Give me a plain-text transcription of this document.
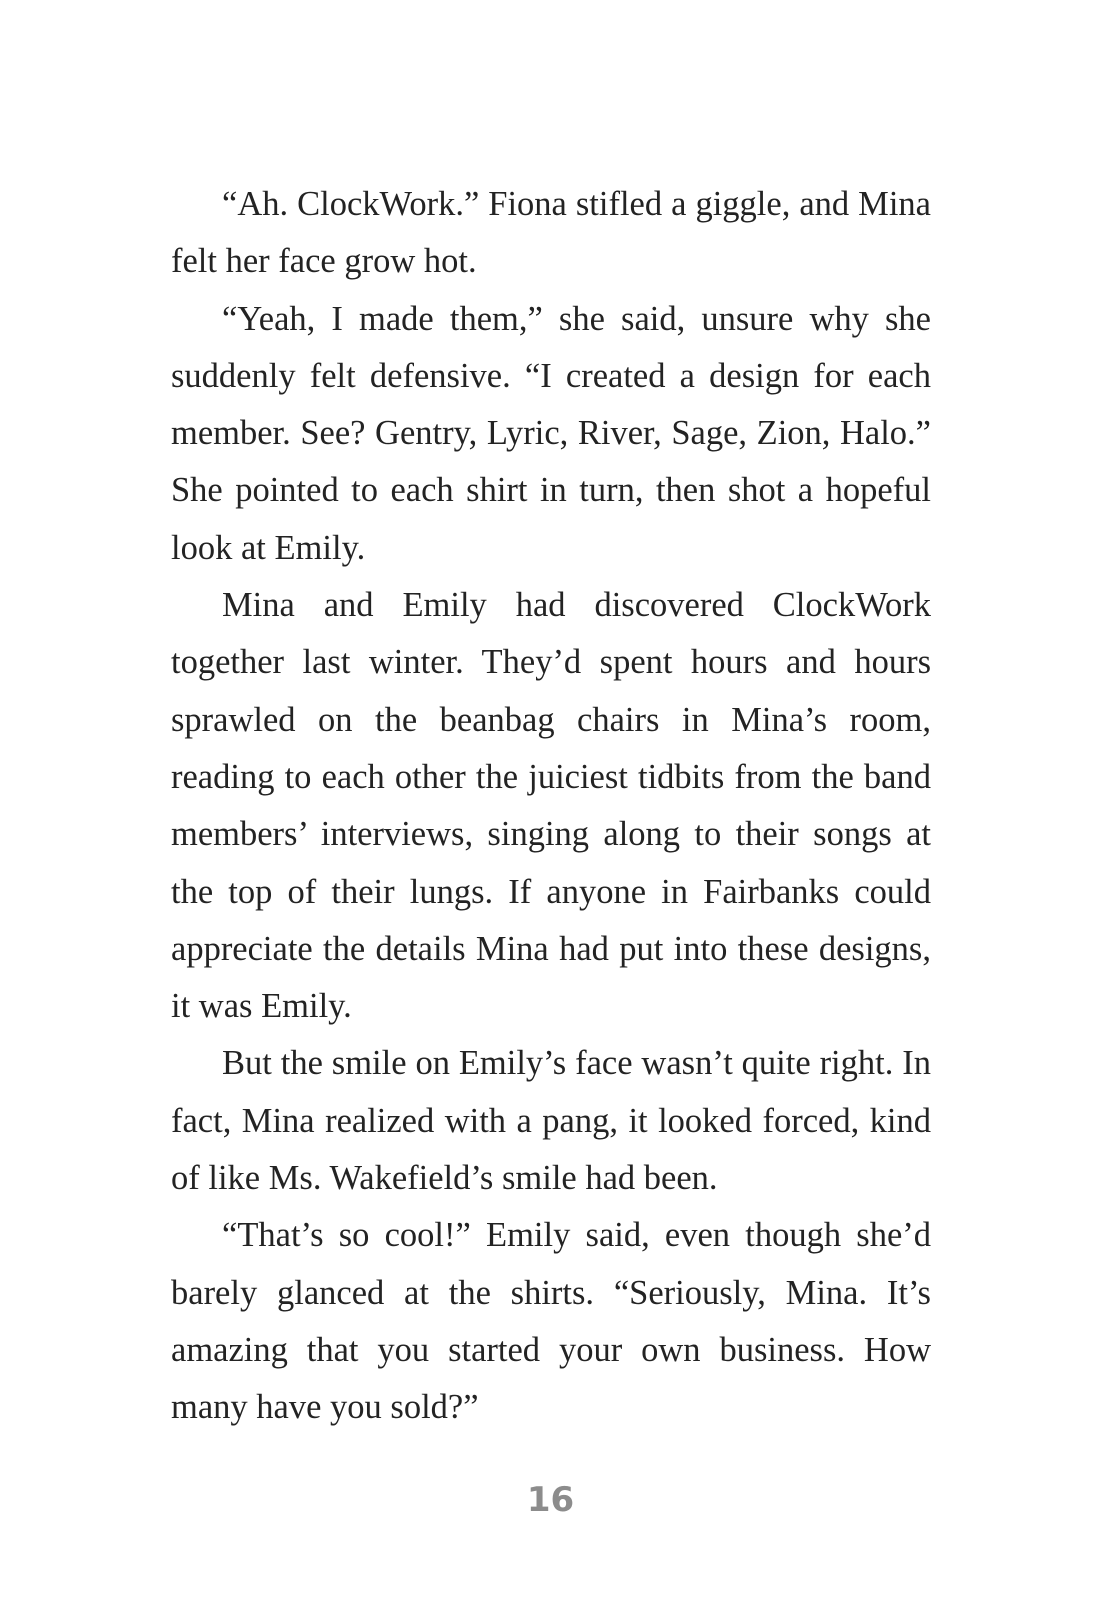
“Ah. ClockWork.” Fiona stifled a giggle, and Mina felt her face grow hot.

“Yeah, I made them,” she said, unsure why she suddenly felt defensive. “I created a design for each member. See? Gentry, Lyric, River, Sage, Zion, Halo.” She pointed to each shirt in turn, then shot a hopeful look at Emily.

Mina and Emily had discovered ClockWork together last winter. They’d spent hours and hours sprawled on the beanbag chairs in Mina’s room, reading to each other the juiciest tidbits from the band members’ interviews, singing along to their songs at the top of their lungs. If anyone in Fairbanks could appreciate the details Mina had put into these designs, it was Emily.

But the smile on Emily’s face wasn’t quite right. In fact, Mina realized with a pang, it looked forced, kind of like Ms. Wakefield’s smile had been.

“That’s so cool!” Emily said, even though she’d barely glanced at the shirts. “Seriously, Mina. It’s amazing that you started your own business. How many have you sold?”

16
